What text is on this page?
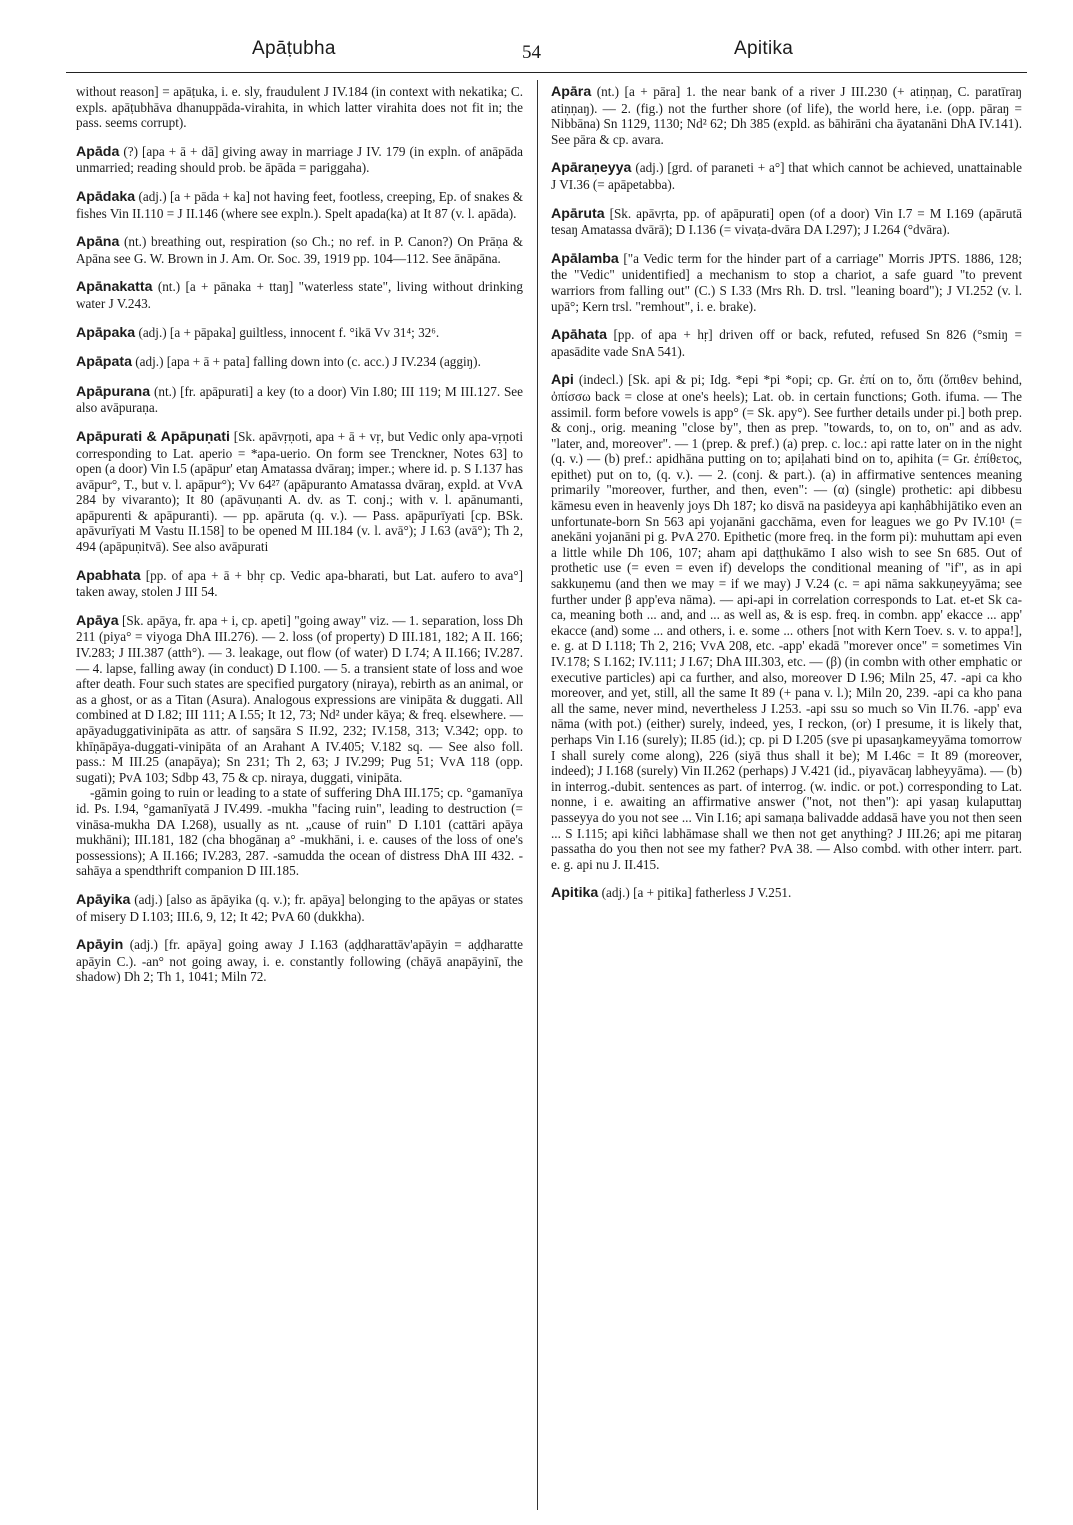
Apāṭubha	54	Apitika
without reason] = apāṭuka, i. e. sly, fraudulent J IV.184 (in context with nekatika; C. expls. apāṭubhāva dhanuppāda-virahita, in which latter virahita does not fit in; the pass. seems corrupt).
Apāda (?) [apa + ā + dā] giving away in marriage J IV. 179 (in expln. of anāpāda unmarried; reading should prob. be āpāda = pariggaha).
Apādaka (adj.) [a + pāda + ka] not having feet, footless, creeping, Ep. of snakes & fishes Vin II.110 = J II.146 (where see expln.). Spelt apada(ka) at It 87 (v. l. apāda).
Apāna (nt.) breathing out, respiration (so Ch.; no ref. in P. Canon?) On Prāṇa & Apāna see G. W. Brown in J. Am. Or. Soc. 39, 1919 pp. 104—112. See ānāpāna.
Apānakatta (nt.) [a + pānaka + ttaŋ] "waterless state", living without drinking water J V.243.
Apāpaka (adj.) [a + pāpaka] guiltless, innocent f. °ikā Vv 31⁴; 32⁶.
Apāpata (adj.) [apa + ā + pata] falling down into (c. acc.) J IV.234 (aggiŋ).
Apāpurana (nt.) [fr. apāpurati] a key (to a door) Vin I.80; III 119; M III.127. See also avāpuraṇa.
Apāpurati & Apāpuṇati [Sk. apāvṛṇoti, apa + ā + vṛ, but Vedic only apa-vṛṇoti corresponding to Lat. aperio = *apa-uerio. On form see Trenckner, Notes 63] to open (a door) Vin I.5 (apāpur' etaŋ Amatassa dvāraŋ; imper.; where id. p. S I.137 has avāpur°, T., but v. l. apāpur°); Vv 64²⁷ (apāpuranto Amatassa dvāraŋ, expld. at VvA 284 by vivaranto); It 80 (apāvuṇanti A. dv. as T. conj.; with v. l. apānumanti, apāpurenti & apāpuranti). — pp. apāruta (q. v.). — Pass. apāpurīyati [cp. BSk. apāvurīyati M Vastu II.158] to be opened M III.184 (v. l. avā°); J I.63 (avā°); Th 2, 494 (apāpuṇitvā). See also avāpurati
Apabhata [pp. of apa + ā + bhṛ cp. Vedic apa-bharati, but Lat. aufero to ava°] taken away, stolen J III 54.
Apāya [Sk. apāya, fr. apa + i, cp. apeti] "going away" viz. — 1. separation, loss Dh 211 (piya° = viyoga DhA III.276). — 2. loss (of property) D III.181, 182; A II. 166; IV.283; J III.387 (atth°). — 3. leakage, out flow (of water) D I.74; A II.166; IV.287. — 4. lapse, falling away (in conduct) D I.100. — 5. a transient state of loss and woe after death. Four such states are specified purgatory (niraya), rebirth as an animal, or as a ghost, or as a Titan (Asura). Analogous expressions are vinipāta & duggati. All combined at D I.82; III 111; A I.55; It 12, 73; Nd² under kāya; & freq. elsewhere. — apāyaduggativinipāta as attr. of saŋsāra S II.92, 232; IV.158, 313; V.342; opp. to khīṇāpāya-duggati-vinipāta of an Arahant A IV.405; V.182 sq. — See also foll. pass.: M III.25 (anapāya); Sn 231; Th 2, 63; J IV.299; Pug 51; VvA 118 (opp. sugati); PvA 103; Sdbp 43, 75 & cp. niraya, duggati, vinipāta.
-gāmin going to ruin or leading to a state of suffering DhA III.175; cp. °gamanīya id. Ps. I.94, °gamanīyatā J IV.499. -mukha "facing ruin", leading to destruction (= vināsa-mukha DA I.268), usually as nt. „cause of ruin" D I.101 (cattāri apāya mukhāni); III.181, 182 (cha bhogānaŋ a° -mukhāni, i. e. causes of the loss of one's possessions); A II.166; IV.283, 287. -samudda the ocean of distress DhA III 432. -sahāya a spendthrift companion D III.185.
Apāyika (adj.) [also as āpāyika (q. v.); fr. apāya] belonging to the apāyas or states of misery D I.103; III.6, 9, 12; It 42; PvA 60 (dukkha).
Apāyin (adj.) [fr. apāya] going away J I.163 (aḍḍharattāv'apāyin = aḍḍharatte apāyin C.). -an° not going away, i. e. constantly following (chāyā anapāyinī, the shadow) Dh 2; Th 1, 1041; Miln 72.
Apāra (nt.) [a + pāra] 1. the near bank of a river J III.230 (+ atiṇṇaŋ, C. paratīraŋ atiṇṇaŋ). — 2. (fig.) not the further shore (of life), the world here, i.e. (opp. pāraŋ = Nibbāna) Sn 1129, 1130; Nd² 62; Dh 385 (expld. as bāhirāni cha āyatanāni DhA IV.141). See pāra & cp. avara.
Apāraṇeyya (adj.) [grd. of paraneti + a°] that which cannot be achieved, unattainable J VI.36 (= apāpetabba).
Apāruta [Sk. apāvṛta, pp. of apāpurati] open (of a door) Vin I.7 = M I.169 (apārutā tesaŋ Amatassa dvārā); D I.136 (= vivaṭa-dvāra DA I.297); J I.264 (°dvāra).
Apālamba ["a Vedic term for the hinder part of a carriage" Morris JPTS. 1886, 128; the "Vedic" unidentified] a mechanism to stop a chariot, a safe guard "to prevent warriors from falling out" (C.) S I.33 (Mrs Rh. D. trsl. "leaning board"); J VI.252 (v. l. upā°; Kern trsl. "remhout", i. e. brake).
Apāhata [pp. of apa + hṛ] driven off or back, refuted, refused Sn 826 (°smiŋ = apasādite vade SnA 541).
Api (indecl.) [Sk. api & pi; Idg. *epi *pi *opi; cp. Gr. ἐπί on to, ὄπι (ὄπιθεν behind, ὀπίσσω back = close at one's heels); Lat. ob. in certain functions; Goth. ifuma. — The assimil. form before vowels is app° (= Sk. apy°). See further details under pi.] both prep. & conj., orig. meaning "close by", then as prep. "towards, to, on to, on" and as adv. "later, and, moreover". — 1 (prep. & pref.) (a) prep. c. loc.: api ratte later on in the night (q. v.) — (b) pref.: apidhāna putting on to; apiḷahati bind on to, apihita (= Gr. ἐπίθετος, epithet) put on to, (q. v.). — 2. (conj. & part.). (a) in affirmative sentences meaning primarily "moreover, further, and then, even": — (α) (single) prothetic: api dibbesu kāmesu even in heavenly joys Dh 187; ko disvā na pasideyya api kaṇhâbhijātiko even an unfortunate-born Sn 563 api yojanāni gacchāma, even for leagues we go Pv IV.10¹ (= anekāni yojanāni pi g. PvA 270. Epithetic (more freq. in the form pi): muhuttam api even a little while Dh 106, 107; aham api daṭṭhukāmo I also wish to see Sn 685. Out of prothetic use (= even = even if) develops the conditional meaning of "if", as in api sakkuṇemu (and then we may = if we may) J V.24 (c. = api nāma sakkuṇeyyāma; see further under β app'eva nāma). — api-api in correlation corresponds to Lat. et-et Sk ca-ca, meaning both ... and, and ... as well as, & is esp. freq. in combn. app' ekacce ... app' ekacce (and) some ... and others, i. e. some ... others [not with Kern Toev. s. v. to appa!], e. g. at D I.118; Th 2, 216; VvA 208, etc. -app' ekadā "morever once" = sometimes Vin IV.178; S I.162; IV.111; J I.67; DhA III.303, etc. — (β) (in combn with other emphatic or executive particles) api ca further, and also, moreover D I.96; Miln 25, 47. -api ca kho moreover, and yet, still, all the same It 89 (+ pana v. l.); Miln 20, 239. -api ca kho pana all the same, never mind, nevertheless J I.253. -api ssu so much so Vin II.76. -app' eva nāma (with pot.) (either) surely, indeed, yes, I reckon, (or) I presume, it is likely that, perhaps Vin I.16 (surely); II.85 (id.); cp. pi D I.205 (sve pi upasaŋkameyyāma tomorrow I shall surely come along), 226 (siyā thus shall it be); M I.46c = It 89 (moreover, indeed); J I.168 (surely) Vin II.262 (perhaps) J V.421 (id., piyavācaŋ labheyyāma). — (b) in interrog.-dubit. sentences as part. of interrog. (w. indic. or pot.) corresponding to Lat. nonne, i e. awaiting an affirmative answer ("not, not then"): api yasaŋ kulaputtaŋ passeyya do you not see ... Vin I.16; api samaṇa balivadde addasā have you not then seen ... S I.115; api kiñci labhāmase shall we then not get anything? J III.26; api me pitaraŋ passatha do you then not see my father? PvA 38. — Also combd. with other interr. part. e. g. api nu J. II.415.
Apitika (adj.) [a + pitika] fatherless J V.251.
